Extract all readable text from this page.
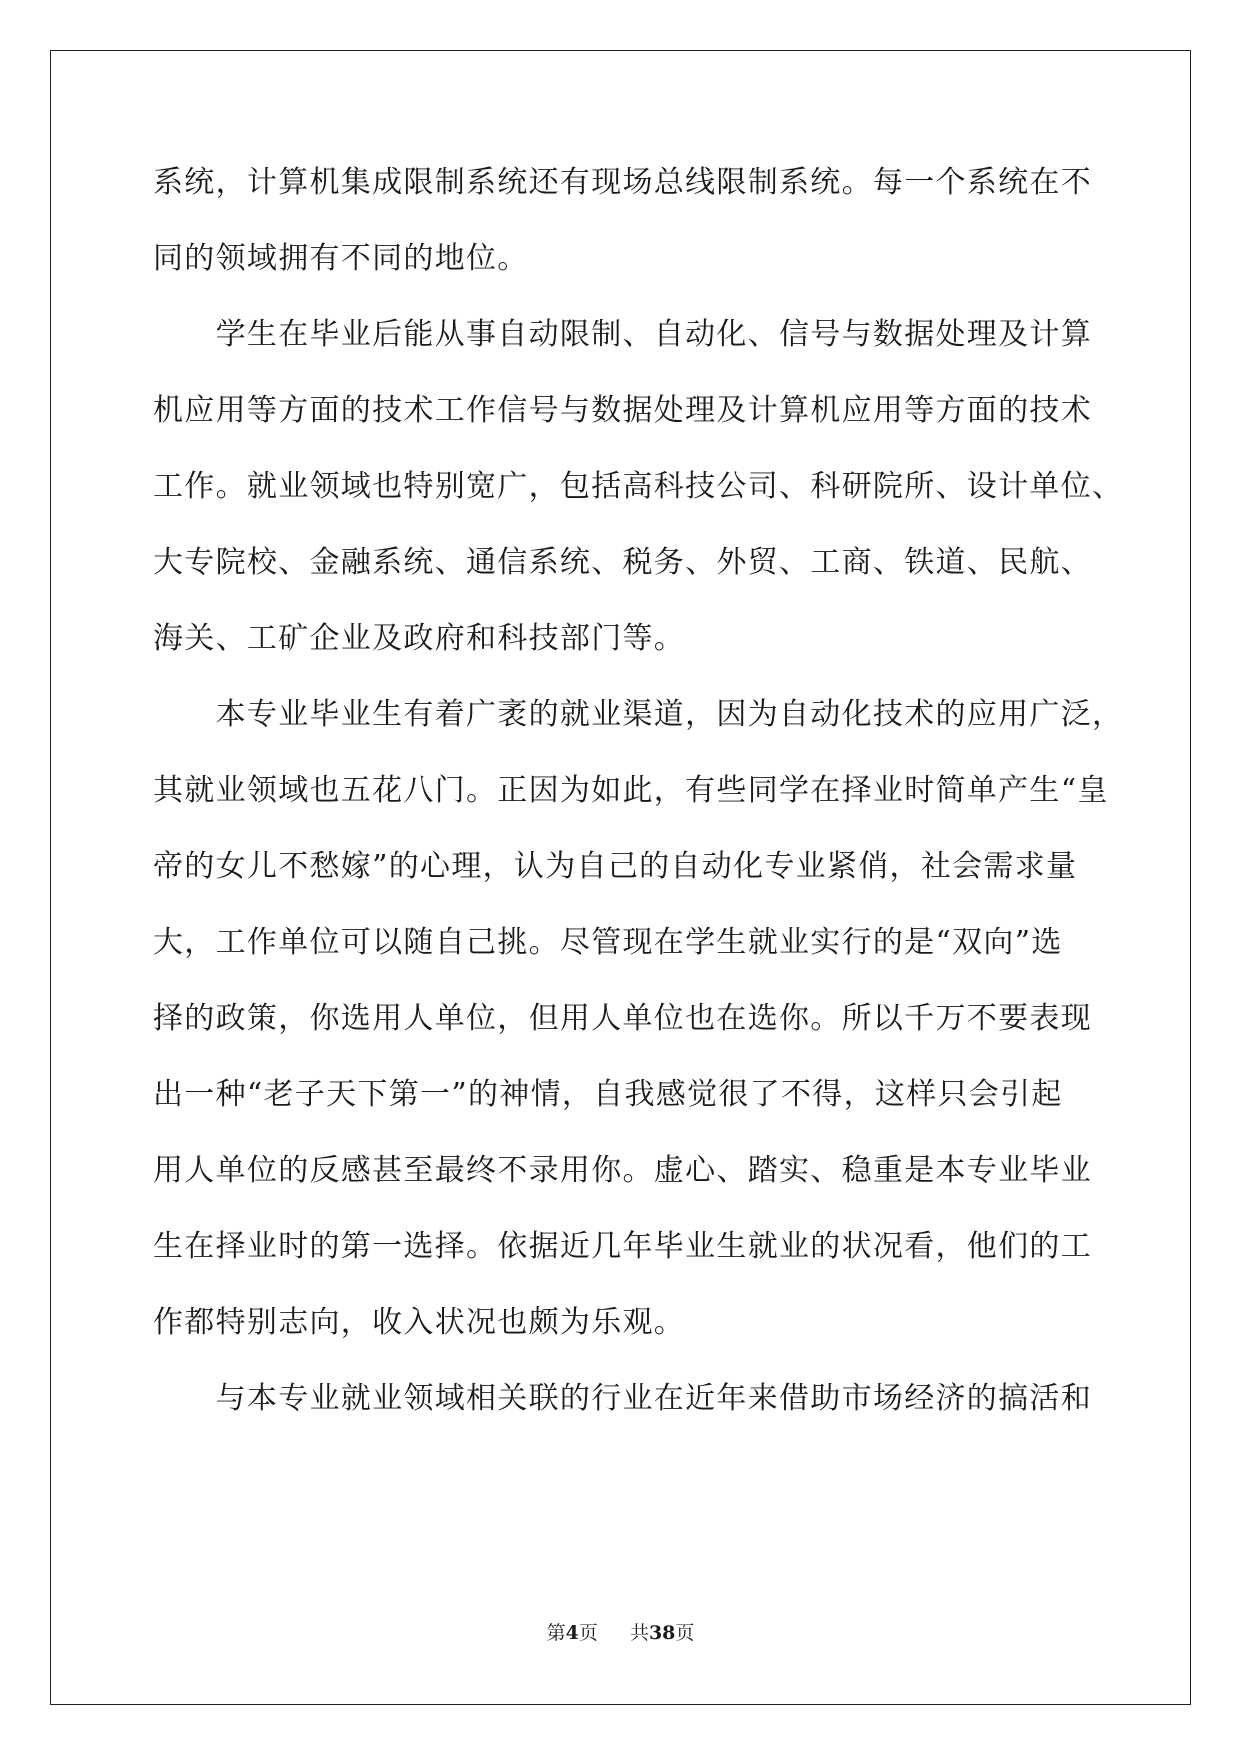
系统，计算机集成限制系统还有现场总线限制系统。每一个系统在不
同的领域拥有不同的地位。
　　学生在毕业后能从事自动限制、自动化、信号与数据处理及计算
机应用等方面的技术工作信号与数据处理及计算机应用等方面的技术
工作。就业领域也特别宽广，包括高科技公司、科研院所、设计单位、
大专院校、金融系统、通信系统、税务、外贸、工商、铁道、民航、
海关、工矿企业及政府和科技部门等。
　　本专业毕业生有着广袤的就业渠道，因为自动化技术的应用广泛，
其就业领域也五花八门。正因为如此，有些同学在择业时简单产生“皇
帝的女儿不愁嫁”的心理，认为自己的自动化专业紧俏，社会需求量
大，工作单位可以随自己挑。尽管现在学生就业实行的是“双向”选
择的政策，你选用人单位，但用人单位也在选你。所以千万不要表现
出一种“老子天下第一”的神情，自我感觉很了不得，这样只会引起
用人单位的反感甚至最终不录用你。虚心、踏实、稳重是本专业毕业
生在择业时的第一选择。依据近几年毕业生就业的状况看，他们的工
作都特别志向，收入状况也颇为乐观。
　　与本专业就业领域相关联的行业在近年来借助市场经济的搞活和
第4页 共38页
